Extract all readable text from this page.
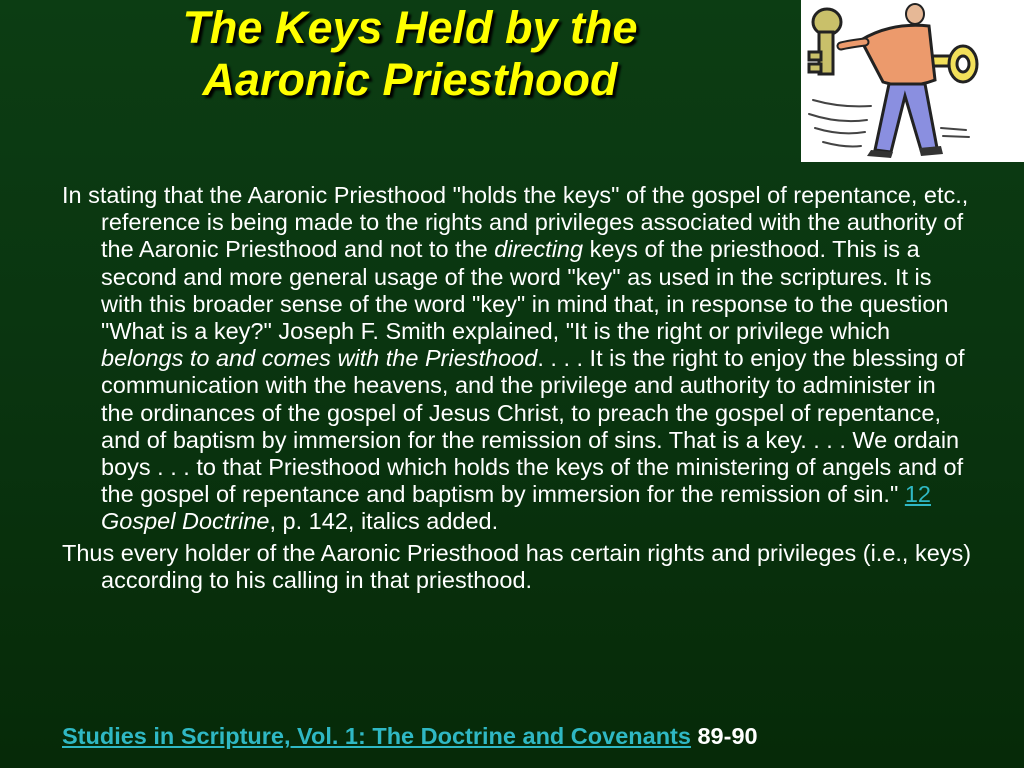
The Keys Held by the
Aaronic Priesthood

In stating that the Aaronic Priesthood "holds the keys" of the gospel of repentance, etc., reference is being made to the rights and privileges associated with the authority of the Aaronic Priesthood and not to the directing keys of the priesthood. This is a second and more general usage of the word "key" as used in the scriptures. It is with this broader sense of the word "key" in mind that, in response to the question "What is a key?" Joseph F. Smith explained, "It is the right or privilege which belongs to and comes with the Priesthood. . . . It is the right to enjoy the blessing of communication with the heavens, and the privilege and authority to administer in the ordinances of the gospel of Jesus Christ, to preach the gospel of repentance, and of baptism by immersion for the remission of sins. That is a key. . . . We ordain boys . . . to that Priesthood which holds the keys of the ministering of angels and of the gospel of repentance and baptism by immersion for the remission of sin." 12 Gospel Doctrine, p. 142, italics added.

Thus every holder of the Aaronic Priesthood has certain rights and privileges (i.e., keys) according to his calling in that priesthood.

Studies in Scripture, Vol. 1: The Doctrine and Covenants 89-90
